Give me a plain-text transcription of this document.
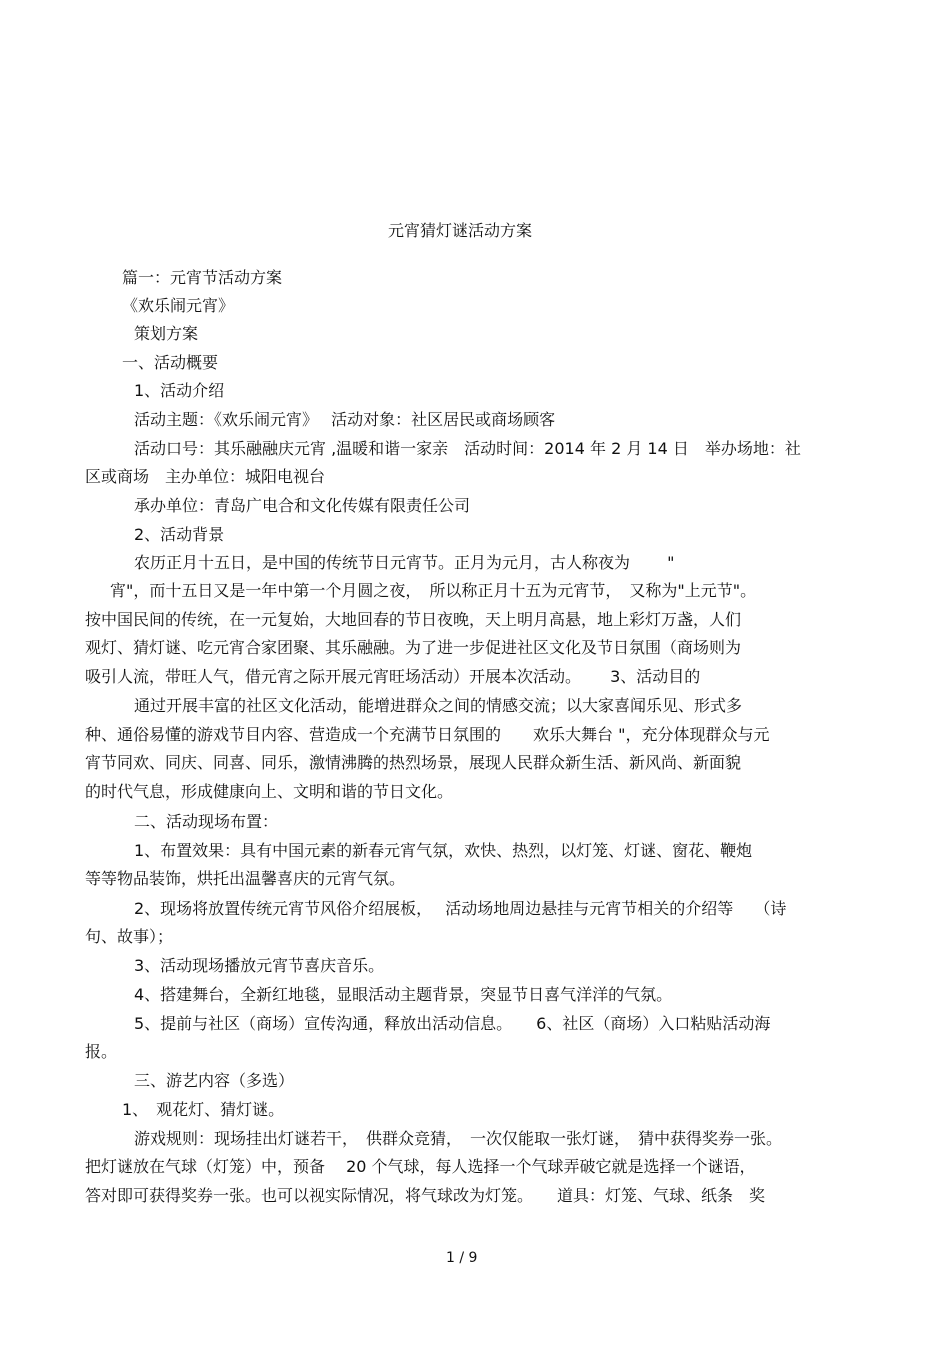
元宵猜灯谜活动方案
篇一：元宵节活动方案
《欢乐闹元宵》
策划方案
一、活动概要
1、活动介绍
活动主题：《欢乐闹元宵》　 活动对象：社区居民或商场顾客
活动口号：其乐融融庆元宵 ,温暖和谐一家亲　活动时间：2014 年 2 月 14 日　举办场地：社
区或商场　主办单位：城阳电视台
承办单位：青岛广电合和文化传媒有限责任公司
2、活动背景
农历正月十五日，是中国的传统节日元宵节。正月为元月，古人称夜为　　 "
宵"，而十五日又是一年中第一个月圆之夜，　所以称正月十五为元宵节，　又称为"上元节"。
按中国民间的传统，在一元复始，大地回春的节日夜晚，天上明月高悬，地上彩灯万盏，人们
观灯、猜灯谜、吃元宵合家团聚、其乐融融。为了进一步促进社区文化及节日氛围（商场则为
吸引人流，带旺人气，借元宵之际开展元宵旺场活动）开展本次活动。　　 3、活动目的
通过开展丰富的社区文化活动，能增进群众之间的情感交流；以大家喜闻乐见、形式多
种、通俗易懂的游戏节目内容、营造成一个充满节日氛围的　　欢乐大舞台 "，充分体现群众与元
宵节同欢、同庆、同喜、同乐，激情沸腾的热烈场景，展现人民群众新生活、新风尚、新面貌
的时代气息，形成健康向上、文明和谐的节日文化。
二、活动现场布置：
1、布置效果：具有中国元素的新春元宵气氛，欢快、热烈，以灯笼、灯谜、窗花、鞭炮
等等物品装饰，烘托出温馨喜庆的元宵气氛。
2、现场将放置传统元宵节风俗介绍展板，　 活动场地周边悬挂与元宵节相关的介绍等　 （诗
句、故事）；
3、活动现场播放元宵节喜庆音乐。
4、搭建舞台，全新红地毯，显眼活动主题背景，突显节日喜气洋洋的气氛。
5、提前与社区（商场）宣传沟通，释放出活动信息。　　6、社区（商场）入口粘贴活动海
报。
三、游艺内容（多选）
1、　观花灯、猜灯谜。
游戏规则：现场挂出灯谜若干，　供群众竞猜，　一次仅能取一张灯谜，　猜中获得奖券一张。
把灯谜放在气球（灯笼）中，预备　 20 个气球，每人选择一个气球弄破它就是选择一个谜语，
答对即可获得奖券一张。也可以视实际情况，将气球改为灯笼。　　道具：灯笼、气球、纸条　奖
1 / 9
